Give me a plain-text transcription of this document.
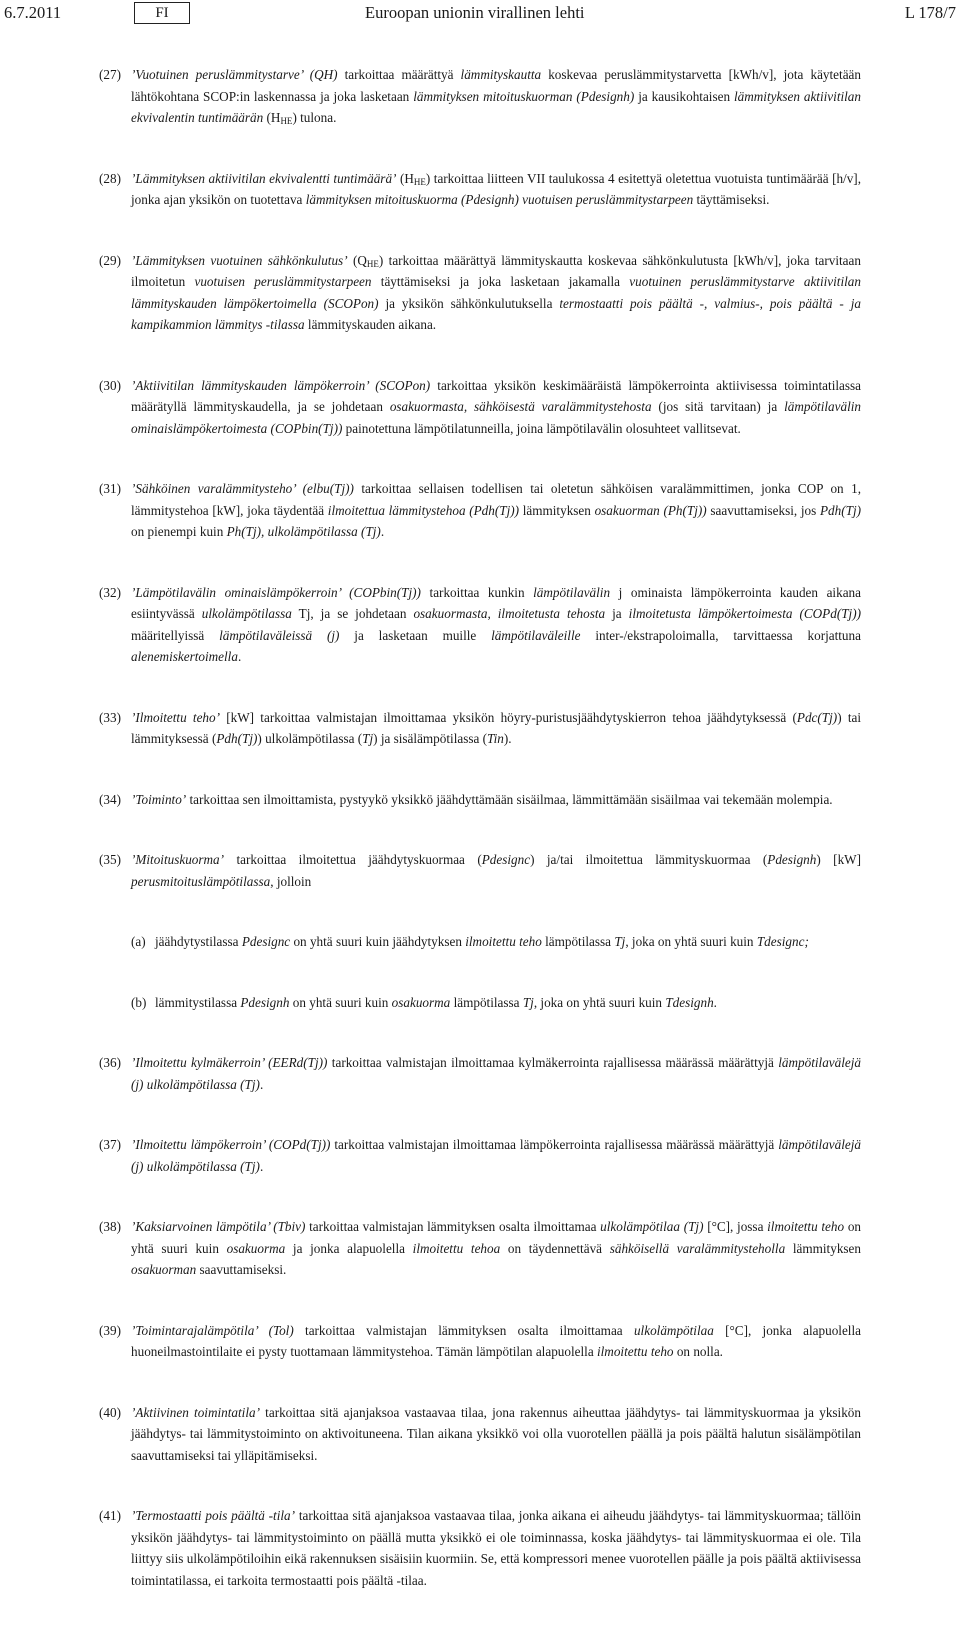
6.7.2011	FI	Euroopan unionin virallinen lehti	L 178/7
(27) ’Vuotuinen peruslämmitystarve’ (QH) tarkoittaa määrättyä lämmityskautta koskevaa peruslämmitystarvetta [kWh/v], jota käytetään lähtökohtana SCOP:in laskennassa ja joka lasketaan lämmityksen mitoituskuorman (Pdesignh) ja kausikohtaisen lämmityksen aktiivitilan ekvivalentin tuntimäärän $(H_{HE})$ tulona.
(28) ’Lämmityksen aktiivitilan ekvivalentti tuntimäärä’ $(H_{HE})$ tarkoittaa liitteen VII taulukossa 4 esitettyä oletettua vuotuista tuntimäärää [h/v], jonka ajan yksikön on tuotettava lämmityksen mitoituskuorma (Pdesignh) vuotuisen peruslämmitystarpeen täyttämiseksi.
(29) ’Lämmityksen vuotuinen sähkönkulutus’ $(Q_{HE})$ tarkoittaa määrättyä lämmityskautta koskevaa sähkönkulutusta [kWh/v], joka tarvitaan ilmoitetun vuotuisen peruslämmitystarpeen täyttämiseksi ja joka lasketaan jakamalla vuotuinen peruslämmitystarve aktiivitilan lämmityskauden lämpökertoimella (SCOPon) ja yksikön sähkönkulutuksella termostaatti pois päältä -, valmius-, pois päältä - ja kampikammion lämmitys -tilassa lämmityskauden aikana.
(30) ’Aktiivitilan lämmityskauden lämpökerroin’ (SCOPon) tarkoittaa yksikön keskimääräistä lämpökerrointa aktiivisessa toimintatilassa määrätyllä lämmityskaudella, ja se johdetaan osakuormasta, sähköisestä varalämmitystehosta (jos sitä tarvitaan) ja lämpötilavälin ominaislämpökertoimesta (COPbin(Tj)) painotettuna lämpötilatunneilla, joina lämpötilavälin olosuhteet vallitsevat.
(31) ’Sähköinen varalämmitysteho’ (elbu(Tj)) tarkoittaa sellaisen todellisen tai oletetun sähköisen varalämmittimen, jonka COP on 1, lämmitystehoa [kW], joka täydentää ilmoitettua lämmitystehoa (Pdh(Tj)) lämmityksen osakuorman (Ph(Tj)) saavuttamiseksi, jos Pdh(Tj) on pienempi kuin Ph(Tj), ulkolämpötilassa (Tj).
(32) ’Lämpötilavälin ominaislämpökerroin’ (COPbin(Tj)) tarkoittaa kunkin lämpötilavälin j ominaista lämpökerrointa kauden aikana esiintyvässä ulkolämpötilassa Tj, ja se johdetaan osakuormasta, ilmoitetusta tehosta ja ilmoitetusta lämpökertoimesta (COPd(Tj)) määritellyissä lämpötilaväleissä (j) ja lasketaan muille lämpötilaväleille inter-/ekstrapoloimalla, tarvittaessa korjattuna alenemiskertoimella.
(33) ’Ilmoitettu teho’ [kW] tarkoittaa valmistajan ilmoittamaa yksikön höyry-puristusjäähdytyskierron tehoa jäähdytyksessä (Pdc(Tj)) tai lämmityksessä (Pdh(Tj)) ulkolämpötilassa (Tj) ja sisälämpötilassa (Tin).
(34) ’Toiminto’ tarkoittaa sen ilmoittamista, pystyykö yksikkö jäähdyttämään sisäilmaa, lämmittämään sisäilmaa vai tekemään molempia.
(35) ’Mitoituskuorma’ tarkoittaa ilmoitettua jäähdytyskuormaa (Pdesignc) ja/tai ilmoitettua lämmityskuormaa (Pdesignh) [kW] perusmitoituslämpötilassa, jolloin
(a) jäähdytystilassa Pdesignc on yhtä suuri kuin jäähdytyksen ilmoitettu teho lämpötilassa Tj, joka on yhtä suuri kuin Tdesignc;
(b) lämmitystilassa Pdesignh on yhtä suuri kuin osakuorma lämpötilassa Tj, joka on yhtä suuri kuin Tdesignh.
(36) ’Ilmoitettu kylmäkerroin’ (EERd(Tj)) tarkoittaa valmistajan ilmoittamaa kylmäkerrointa rajallisessa määrässä määrättyjä lämpötilavälejä (j) ulkolämpötilassa (Tj).
(37) ’Ilmoitettu lämpökerroin’ (COPd(Tj)) tarkoittaa valmistajan ilmoittamaa lämpökerrointa rajallisessa määrässä määrättyjä lämpötilavälejä (j) ulkolämpötilassa (Tj).
(38) ’Kaksiarvoinen lämpötila’ (Tbiv) tarkoittaa valmistajan lämmityksen osalta ilmoittamaa ulkolämpötilaa (Tj) [°C], jossa ilmoitettu teho on yhtä suuri kuin osakuorma ja jonka alapuolella ilmoitettu tehoa on täydennettävä sähköisellä varalämmitysteholla lämmityksen osakuorman saavuttamiseksi.
(39) ’Toimintarajalämpötila’ (Tol) tarkoittaa valmistajan lämmityksen osalta ilmoittamaa ulkolämpötilaa [°C], jonka alapuolella huoneilmastointilaite ei pysty tuottamaan lämmitystehoa. Tämän lämpötilan alapuolella ilmoitettu teho on nolla.
(40) ’Aktiivinen toimintatila’ tarkoittaa sitä ajanjaksoa vastaavaa tilaa, jona rakennus aiheuttaa jäähdytys- tai lämmityskuormaa ja yksikön jäähdytys- tai lämmitystoiminto on aktivoituneena. Tilan aikana yksikkö voi olla vuorotellen päällä ja pois päältä halutun sisälämpötilan saavuttamiseksi tai ylläpitämiseksi.
(41) ’Termostaatti pois päältä -tila’ tarkoittaa sitä ajanjaksoa vastaavaa tilaa, jonka aikana ei aiheudu jäähdytys- tai lämmityskuormaa; tällöin yksikön jäähdytys- tai lämmitystoiminto on päällä mutta yksikkö ei ole toiminnassa, koska jäähdytys- tai lämmityskuormaa ei ole. Tila liittyy siis ulkolämpötiloihin eikä rakennuksen sisäisiin kuormiin. Se, että kompressori menee vuorotellen päälle ja pois päältä aktiivisessa toimintatilassa, ei tarkoita termostaatti pois päältä -tilaa.
